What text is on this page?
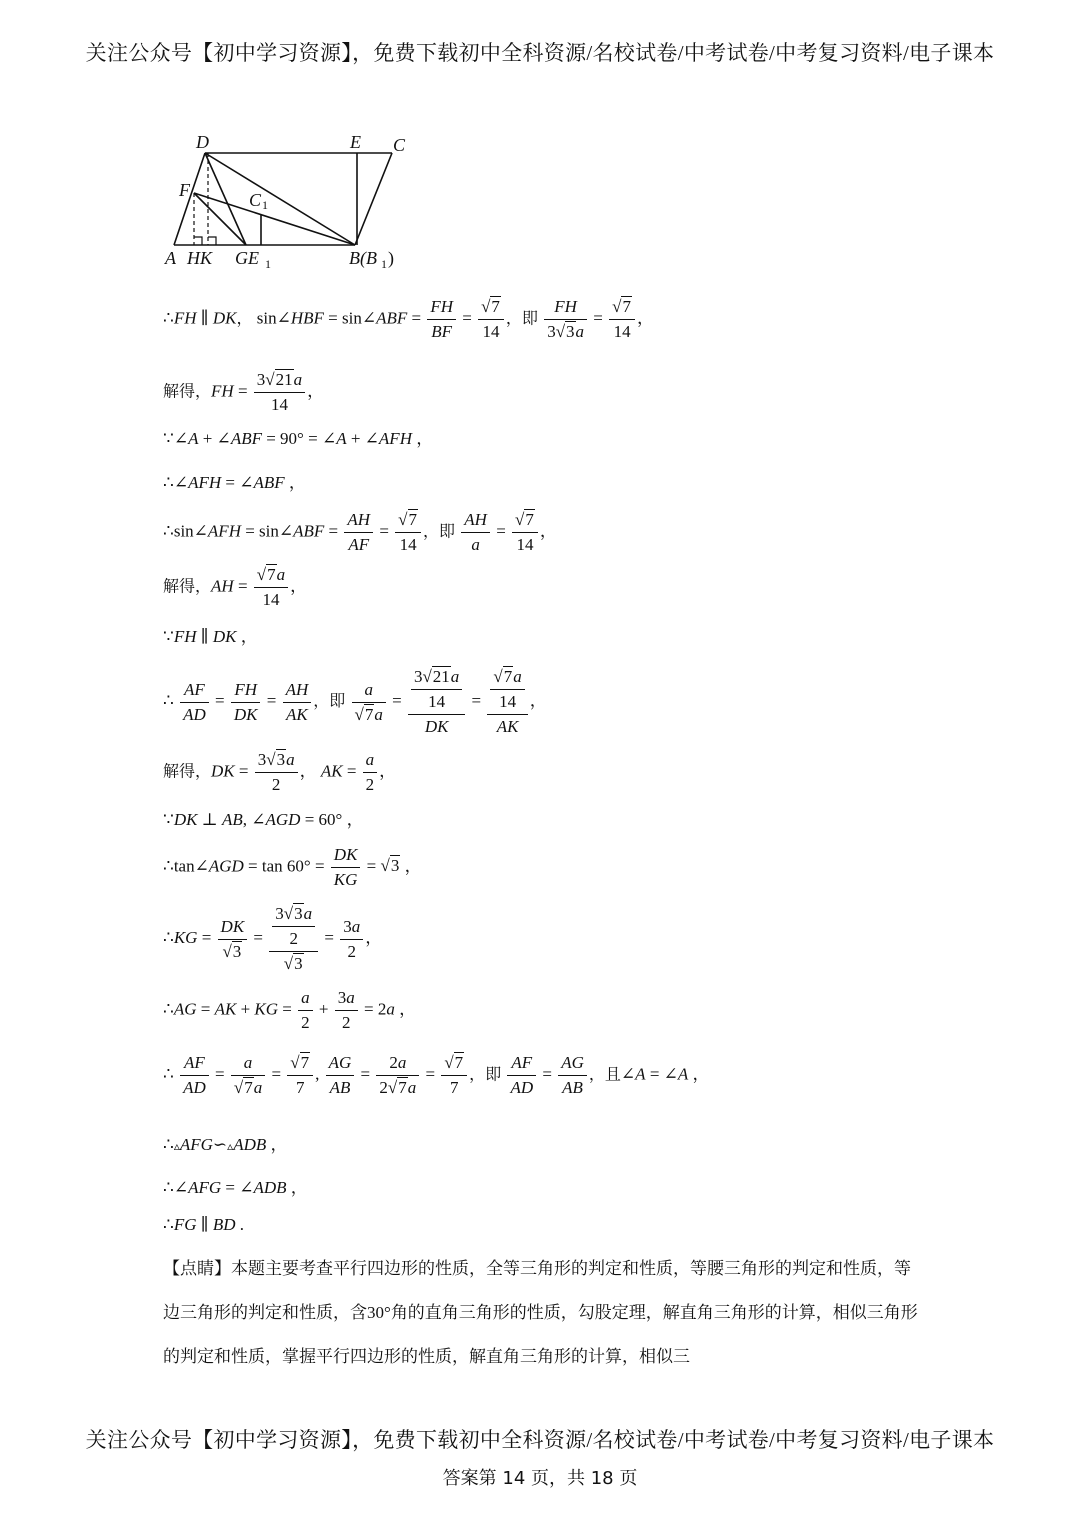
关注公众号【初中学习资源】，免费下载初中全科资源/名校试卷/中考试卷/中考复习资料/电子课本
D	E C
F	C 1
A HK GE 1	B(B 1 )
∴FH ∥ DK， sin∠HBF = sin∠ABF = $\frac{FH}{BF} = \frac{√7}{14}$ ，即 $\frac{FH}{3√3a} = \frac{√7}{14}$ ，
解得，FH = $\frac{3√21a}{14}$ ，
∵∠A + ∠ABF = 90° = ∠A + ∠AFH ，
∴∠AFH = ∠ABF ，
∴sin∠AFH = sin∠ABF = $\frac{AH}{AF} = \frac{√7}{14}$ ，即 $\frac{AH}{a} = \frac{√7}{14}$ ，
解得，AH = $\frac{√7a}{14}$ ，
∵FH ∥ DK ，
∴ $\frac{AF}{AD} = \frac{FH}{DK} = \frac{AH}{AK}$ ，即 $\frac{a}{√7a} = \frac{\frac{3√21a}{14}}{DK} = \frac{\frac{√7a}{14}}{AK}$ ，
解得，DK = $\frac{3√3a}{2}$ ， AK = $\frac{a}{2}$ ，
∵DK ⊥ AB, ∠AGD = 60° ，
∴tan∠AGD = $\tan 60^\circ = \frac{DK}{KG} = √3$ ，
∴KG = $\frac{DK}{√3} = \frac{\frac{3√3a}{2}}{√3} = \frac{3a}{2}$ ，
∴AG = AK + KG = $\frac{a}{2} + \frac{3a}{2} = 2a$ ，
∴ $\frac{AF}{AD} = \frac{a}{√7a} = \frac{√7}{7}$ , $\frac{AG}{AB} = \frac{2a}{2√7a} = \frac{√7}{7}$ ，即 $\frac{AF}{AD} = \frac{AG}{AB}$ ，且∠A = ∠A ，
∴▵AFG∽▵ADB ，
∴∠AFG = ∠ADB ，
∴FG ∥ BD .
【点睛】本题主要考查平行四边形的性质，全等三角形的判定和性质，等腰三角形的判定和性质，等边三角形的判定和性质，含30°角的直角三角形的性质，勾股定理，解直角三角形的计算，相似三角形的判定和性质，掌握平行四边形的性质，解直角三角形的计算，相似三
关注公众号【初中学习资源】，免费下载初中全科资源/名校试卷/中考试卷/中考复习资料/电子课本
答案第 14 页，共 18 页
